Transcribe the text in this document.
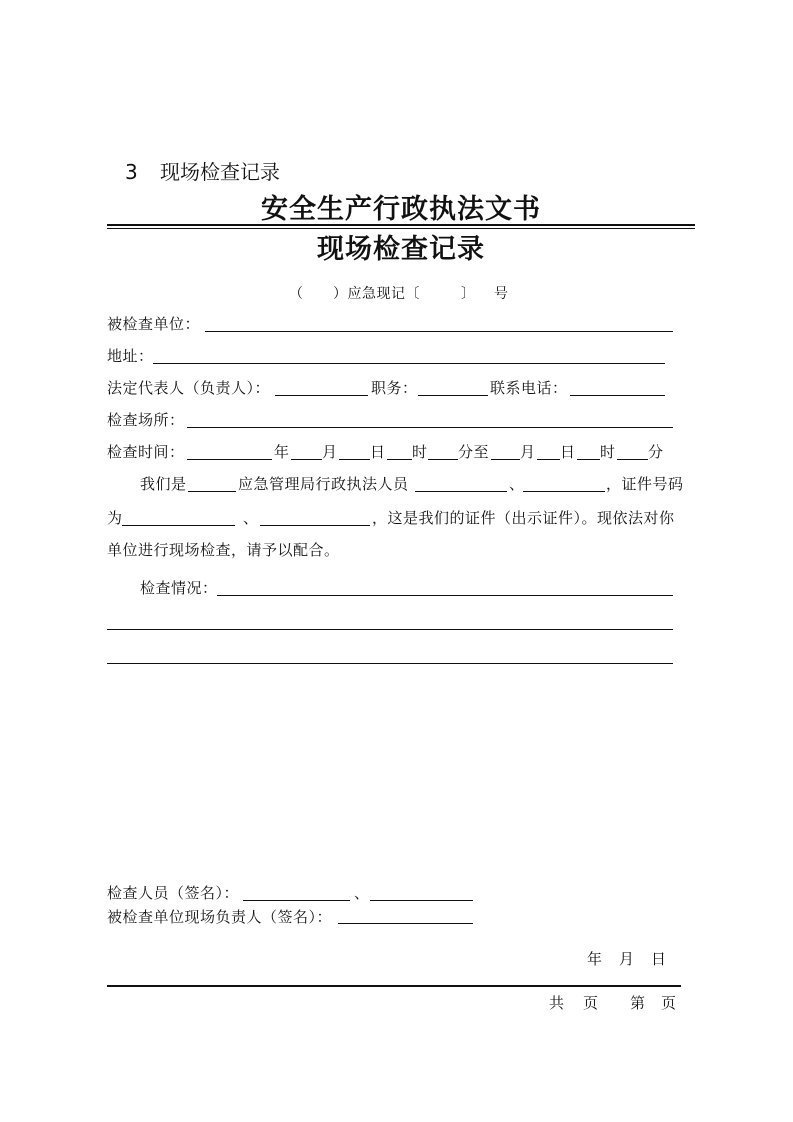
3 现场检查记录
安全生产行政执法文书
现场检查记录
（ ）应急现记〔	〕 号
被检查单位：
地址：
法定代表人（负责人）：	职务：	联系电话：
检查场所：
检查时间：	年 月 日 时 分至 月 日 时 分
我们是	应急管理局行政执法人员	、	，证件号码
为	、	，这是我们的证件（出示证件）。现依法对你
单位进行现场检查，请予以配合。
检查情况：
检查人员（签名）：	、
被检查单位现场负责人（签名）：
年 月 日
共 页 第 页
